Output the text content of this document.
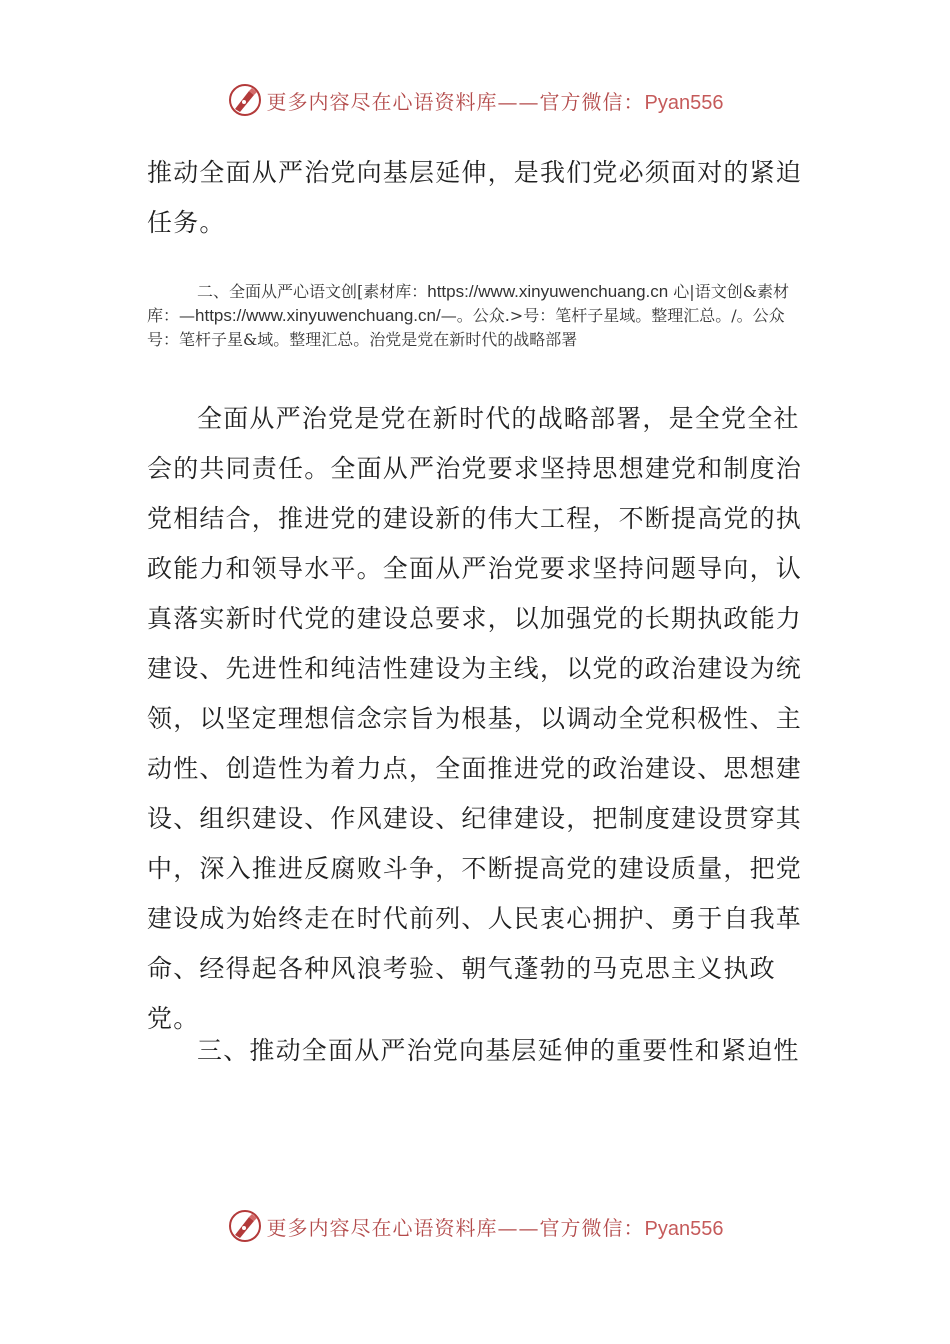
更多内容尽在心语资料库——官方微信：Pyan556

推动全面从严治党向基层延伸，是我们党必须面对的紧迫任务。

二、全面从严心语文创[素材库：https://www.xinyuwenchuang.cn 心|语文创&素材库：—https://www.xinyuwenchuang.cn/—。公众.>号：笔杆子星域。整理汇总。/。公众号：笔杆子星&域。整理汇总。治党是党在新时代的战略部署

全面从严治党是党在新时代的战略部署，是全党全社会的共同责任。全面从严治党要求坚持思想建党和制度治党相结合，推进党的建设新的伟大工程，不断提高党的执政能力和领导水平。全面从严治党要求坚持问题导向，认真落实新时代党的建设总要求，以加强党的长期执政能力建设、先进性和纯洁性建设为主线，以党的政治建设为统领，以坚定理想信念宗旨为根基，以调动全党积极性、主动性、创造性为着力点，全面推进党的政治建设、思想建设、组织建设、作风建设、纪律建设，把制度建设贯穿其中，深入推进反腐败斗争，不断提高党的建设质量，把党建设成为始终走在时代前列、人民衷心拥护、勇于自我革命、经得起各种风浪考验、朝气蓬勃的马克思主义执政党。

三、推动全面从严治党向基层延伸的重要性和紧迫性
更多内容尽在心语资料库——官方微信：Pyan556
